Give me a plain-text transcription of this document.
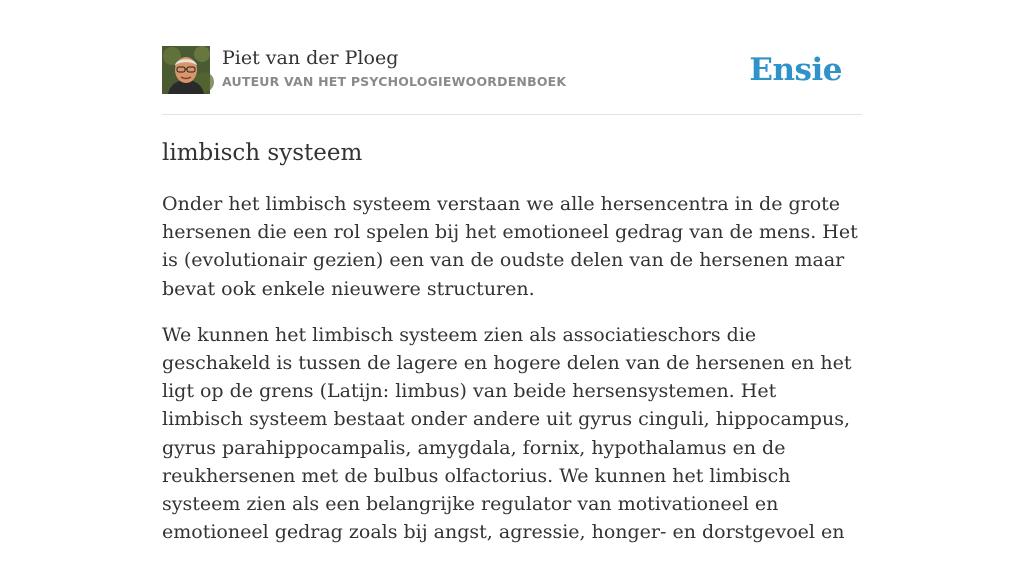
Piet van der Ploeg
AUTEUR VAN HET PSYCHOLOGIEWOORDENBOEK	Ensie
limbisch systeem

Onder het limbisch systeem verstaan we alle hersencentra in de grote hersenen die een rol spelen bij het emotioneel gedrag van de mens. Het is (evolutionair gezien) een van de oudste delen van de hersenen maar bevat ook enkele nieuwere structuren.

We kunnen het limbisch systeem zien als associatieschors die geschakeld is tussen de lagere en hogere delen van de hersenen en het ligt op de grens (Latijn: limbus) van beide hersensystemen. Het limbisch systeem bestaat onder andere uit gyrus cinguli, hippocampus, gyrus parahippocampalis, amygdala, fornix, hypothalamus en de reukhersenen met de bulbus olfactorius. We kunnen het limbisch systeem zien als een belangrijke regulator van motivationeel en emotioneel gedrag zoals bij angst, agressie, honger- en dorstgevoel en
